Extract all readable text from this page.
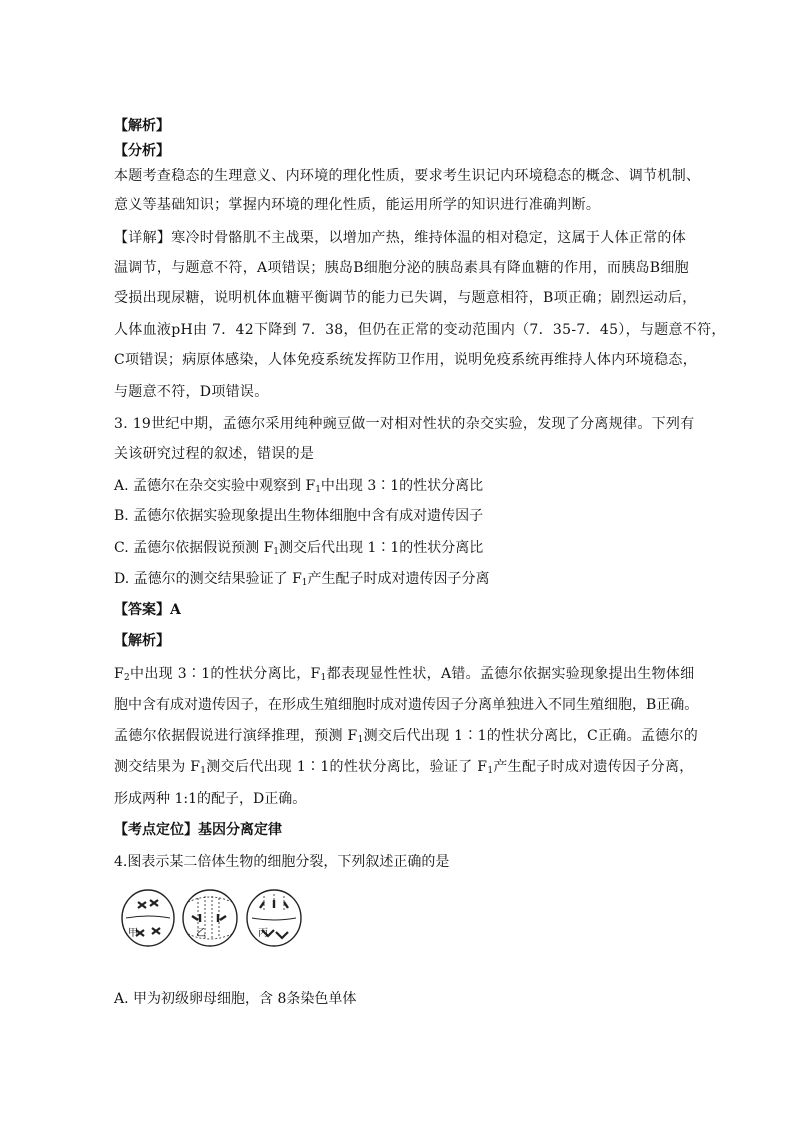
【解析】
【分析】
本题考查稳态的生理意义、内环境的理化性质，要求考生识记内环境稳态的概念、调节机制、
意义等基础知识；掌握内环境的理化性质，能运用所学的知识进行准确判断。
【详解】寒冷时骨骼肌不主战栗，以增加产热，维持体温的相对稳定，这属于人体正常的体
温调节，与题意不符，A项错误；胰岛B细胞分泌的胰岛素具有降血糖的作用，而胰岛B细胞
受损出现尿糖，说明机体血糖平衡调节的能力已失调，与题意相符，B项正确；剧烈运动后，
人体血液pH由 7．42下降到 7．38，但仍在正常的变动范围内（7．35-7．45），与题意不符，
C项错误；病原体感染，人体免疫系统发挥防卫作用，说明免疫系统再维持人体内环境稳态，
与题意不符，D项错误。
3. 19世纪中期，孟德尔采用纯种豌豆做一对相对性状的杂交实验，发现了分离规律。下列有
关该研究过程的叙述，错误的是
A. 孟德尔在杂交实验中观察到 $F_1$中出现 3∶1的性状分离比
B. 孟德尔依据实验现象提出生物体细胞中含有成对遗传因子
C. 孟德尔依据假说预测 $F_1$测交后代出现 1∶1的性状分离比
D. 孟德尔的测交结果验证了 $F_1$产生配子时成对遗传因子分离
【答案】A
【解析】
$F_2$中出现 3∶1的性状分离比，$F_1$都表现显性性状，A错。孟德尔依据实验现象提出生物体细
胞中含有成对遗传因子，在形成生殖细胞时成对遗传因子分离单独进入不同生殖细胞，B正确。
孟德尔依据假说进行演绎推理，预测 $F_1$测交后代出现 1∶1的性状分离比，C正确。孟德尔的
测交结果为 $F_1$测交后代出现 1∶1的性状分离比，验证了 $F_1$产生配子时成对遗传因子分离，
形成两种 1:1的配子，D正确。
【考点定位】基因分离定律
4.图表示某二倍体生物的细胞分裂，下列叙述正确的是
甲	乙	丙
A. 甲为初级卵母细胞，含 8条染色单体
